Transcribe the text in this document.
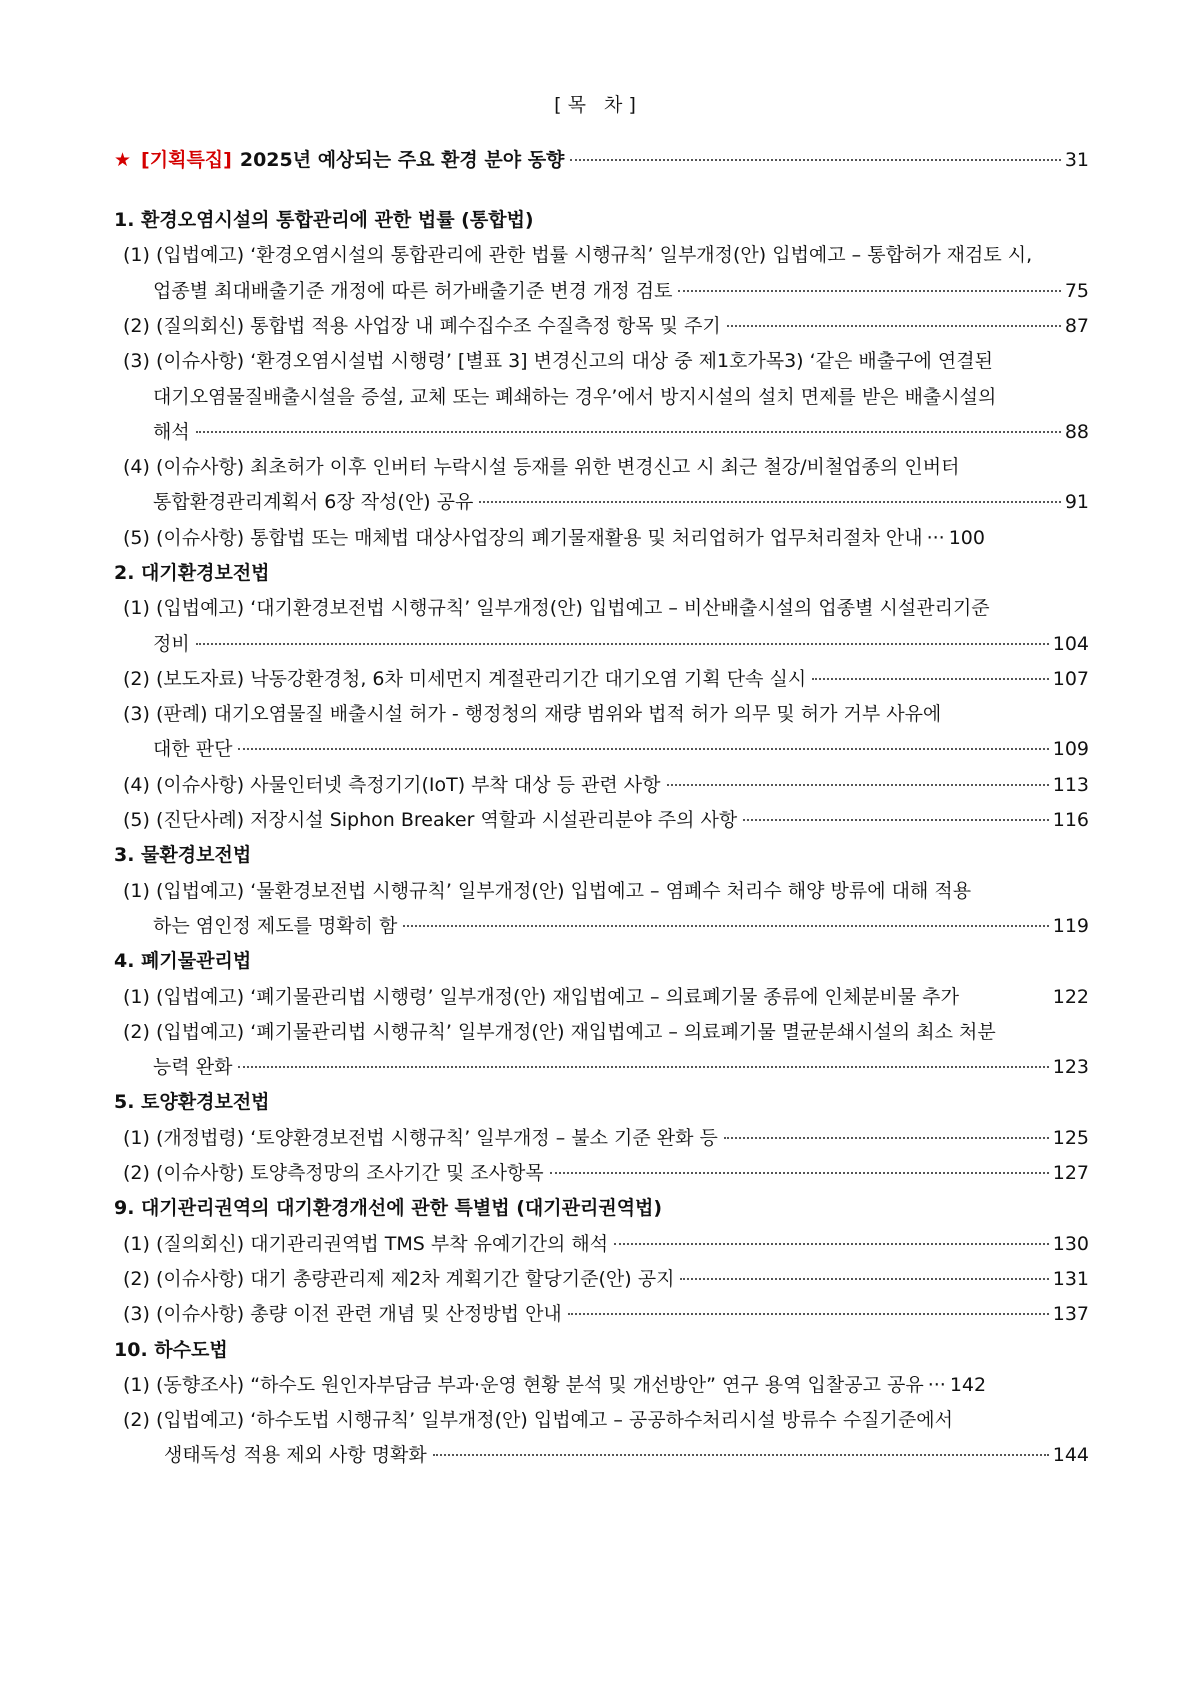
[ 목   차 ]
★ [기획특집] 2025년 예상되는 주요 환경 분야 동향	31
1. 환경오염시설의 통합관리에 관한 법률 (통합법)
(1) (입법예고) ‘환경오염시설의 통합관리에 관한 법률 시행규칙’ 일부개정(안) 입법예고 – 통합허가 재검토 시,
업종별 최대배출기준 개정에 따른 허가배출기준 변경 개정 검토	75
(2) (질의회신) 통합법 적용 사업장 내 폐수집수조 수질측정 항목 및 주기	87
(3) (이슈사항) ‘환경오염시설법 시행령’ [별표 3] 변경신고의 대상 중 제1호가목3) ‘같은 배출구에 연결된
대기오염물질배출시설을 증설, 교체 또는 폐쇄하는 경우’에서 방지시설의 설치 면제를 받은 배출시설의
해석	88
(4) (이슈사항) 최초허가 이후 인버터 누락시설 등재를 위한 변경신고 시 최근 철강/비철업종의 인버터
통합환경관리계획서 6장 작성(안) 공유	91
(5) (이슈사항) 통합법 또는 매체법 대상사업장의 폐기물재활용 및 처리업허가 업무처리절차 안내 ··· 100
2. 대기환경보전법
(1) (입법예고) ‘대기환경보전법 시행규칙’ 일부개정(안) 입법예고 – 비산배출시설의 업종별 시설관리기준
정비	104
(2) (보도자료) 낙동강환경청, 6차 미세먼지 계절관리기간 대기오염 기획 단속 실시	107
(3) (판례) 대기오염물질 배출시설 허가 - 행정청의 재량 범위와 법적 허가 의무 및 허가 거부 사유에
대한 판단	109
(4) (이슈사항) 사물인터넷 측정기기(IoT) 부착 대상 등 관련 사항	113
(5) (진단사례) 저장시설 Siphon Breaker 역할과 시설관리분야 주의 사항	116
3. 물환경보전법
(1) (입법예고) ‘물환경보전법 시행규칙’ 일부개정(안) 입법예고 – 염폐수 처리수 해양 방류에 대해 적용
하는 염인정 제도를 명확히 함	119
4. 폐기물관리법
(1) (입법예고) ‘폐기물관리법 시행령’ 일부개정(안) 재입법예고 – 의료폐기물 종류에 인체분비물 추가	122
(2) (입법예고) ‘폐기물관리법 시행규칙’ 일부개정(안) 재입법예고 – 의료폐기물 멸균분쇄시설의 최소 처분
능력 완화	123
5. 토양환경보전법
(1) (개정법령) ‘토양환경보전법 시행규칙’ 일부개정 – 불소 기준 완화 등	125
(2) (이슈사항) 토양측정망의 조사기간 및 조사항목	127
9. 대기관리권역의 대기환경개선에 관한 특별법 (대기관리권역법)
(1) (질의회신) 대기관리권역법 TMS 부착 유예기간의 해석	130
(2) (이슈사항) 대기 총량관리제 제2차 계획기간 할당기준(안) 공지	131
(3) (이슈사항) 총량 이전 관련 개념 및 산정방법 안내	137
10. 하수도법
(1) (동향조사) “하수도 원인자부담금 부과·운영 현황 분석 및 개선방안” 연구 용역 입찰공고 공유 ··· 142
(2) (입법예고) ‘하수도법 시행규칙’ 일부개정(안) 입법예고 – 공공하수처리시설 방류수 수질기준에서
생태독성 적용 제외 사항 명확화	144
